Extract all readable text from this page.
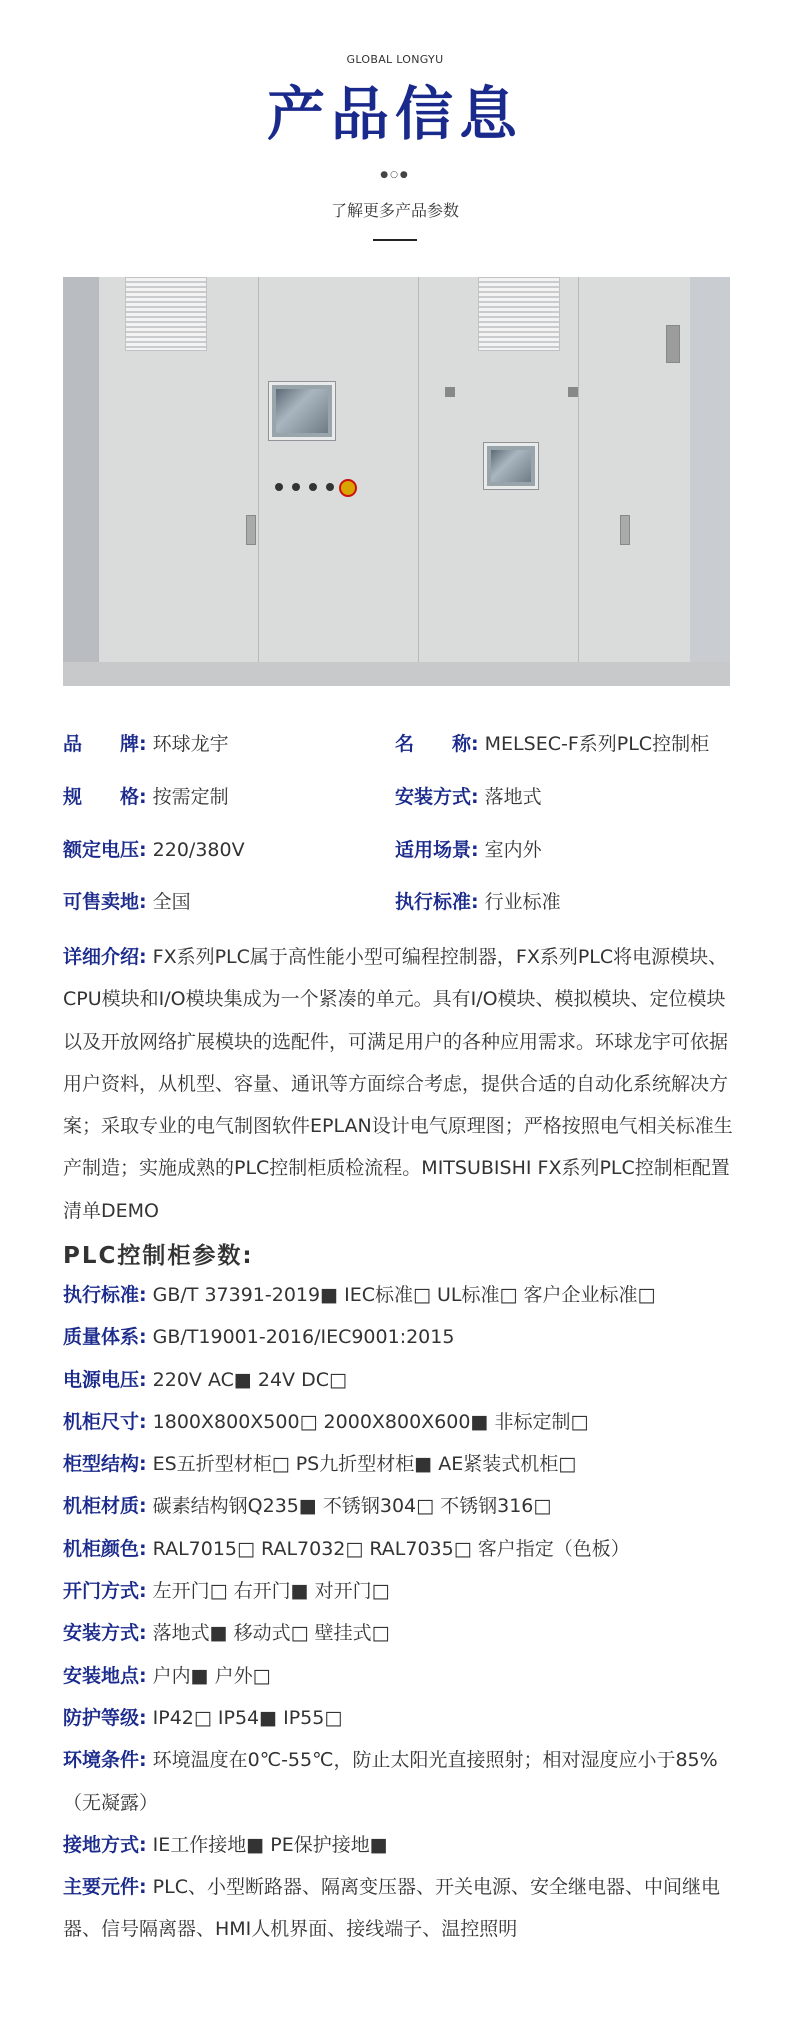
GLOBAL LONGYU
产品信息
●○●
了解更多产品参数
品　　牌: 环球龙宇	名　　称: MELSEC-F系列PLC控制柜
规　　格: 按需定制	安装方式: 落地式
额定电压: 220/380V	适用场景: 室内外
可售卖地: 全国	执行标准: 行业标准
详细介绍: FX系列PLC属于高性能小型可编程控制器，FX系列PLC将电源模块、CPU模块和I/O模块集成为一个紧凑的单元。具有I/O模块、模拟模块、定位模块以及开放网络扩展模块的选配件，可满足用户的各种应用需求。环球龙宇可依据用户资料，从机型、容量、通讯等方面综合考虑，提供合适的自动化系统解决方案；采取专业的电气制图软件EPLAN设计电气原理图；严格按照电气相关标准生产制造；实施成熟的PLC控制柜质检流程。MITSUBISHI FX系列PLC控制柜配置清单DEMO
PLC控制柜参数:

执行标准: GB/T 37391-2019■ IEC标准□ UL标准□ 客户企业标准□

质量体系: GB/T19001-2016/IEC9001:2015

电源电压: 220V AC■ 24V DC□

机柜尺寸: 1800X800X500□ 2000X800X600■ 非标定制□

柜型结构: ES五折型材柜□ PS九折型材柜■ AE紧装式机柜□

机柜材质: 碳素结构钢Q235■ 不锈钢304□ 不锈钢316□

机柜颜色: RAL7015□ RAL7032□ RAL7035□ 客户指定（色板）

开门方式: 左开门□ 右开门■ 对开门□

安装方式: 落地式■ 移动式□ 壁挂式□

安装地点: 户内■ 户外□

防护等级: IP42□ IP54■ IP55□

环境条件: 环境温度在0℃-55℃，防止太阳光直接照射；相对湿度应小于85%（无凝露）

接地方式: IE工作接地■ PE保护接地■

主要元件: PLC、小型断路器、隔离变压器、开关电源、安全继电器、中间继电器、信号隔离器、HMI人机界面、接线端子、温控照明
